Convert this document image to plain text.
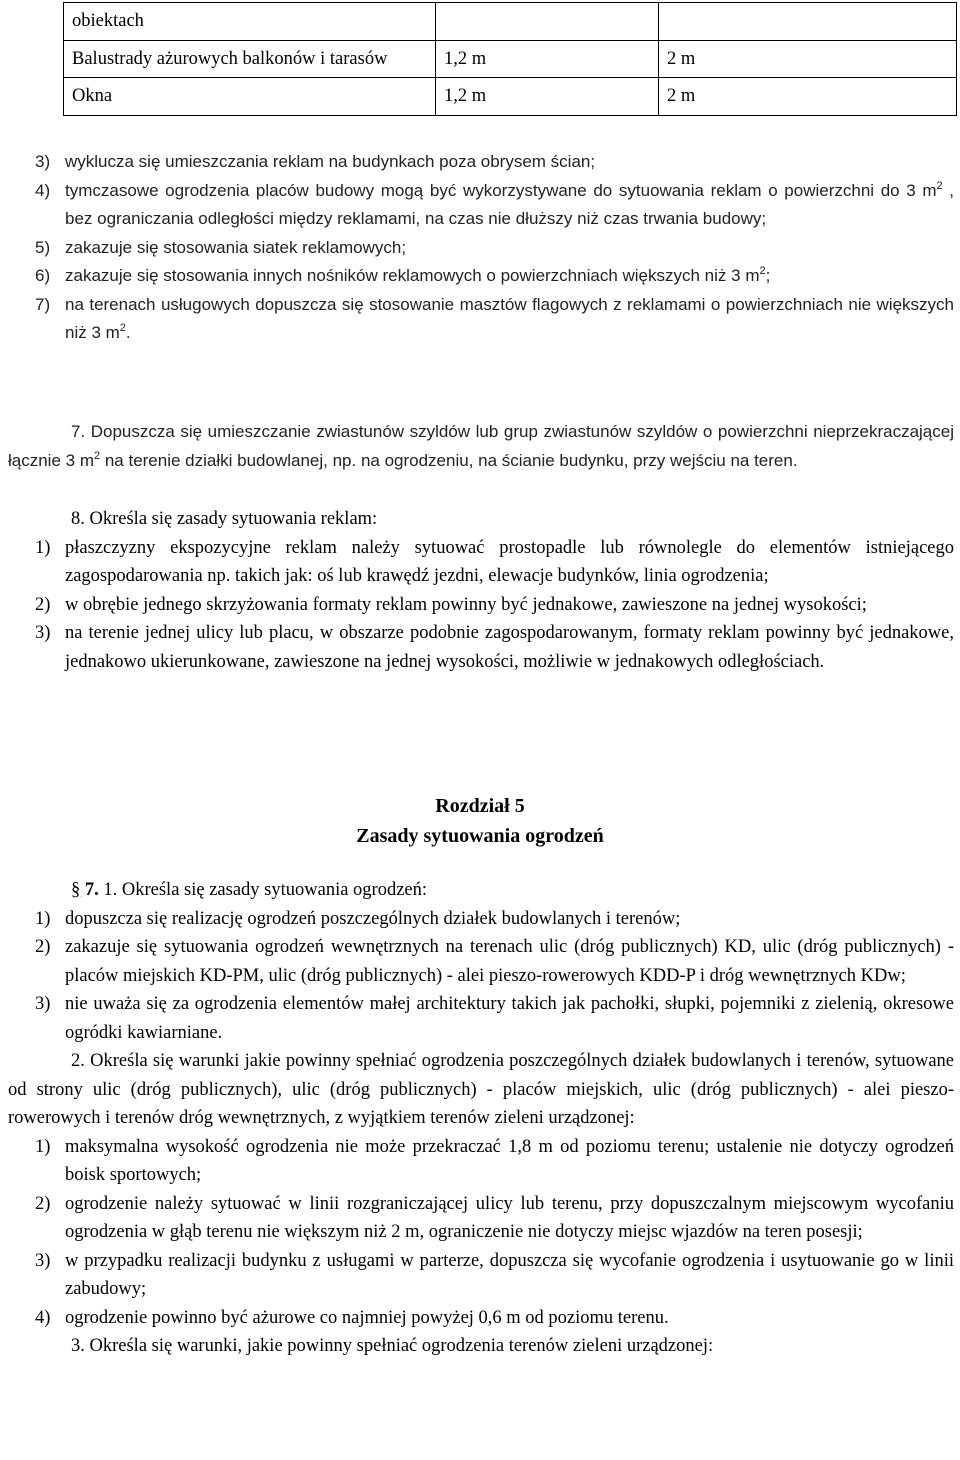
obiektach		
Balustrady ażurowych balkonów i tarasów	1,2 m	2 m
Okna	1,2 m	2 m
3) wyklucza się umieszczania reklam na budynkach poza obrysem ścian;
4) tymczasowe ogrodzenia placów budowy mogą być wykorzystywane do sytuowania reklam o powierzchni do 3 $m^2$ , bez ograniczania odległości między reklamami, na czas nie dłuższy niż czas trwania budowy;
5) zakazuje się stosowania siatek reklamowych;
6) zakazuje się stosowania innych nośników reklamowych o powierzchniach większych niż 3 $m^2$;
7) na terenach usługowych dopuszcza się stosowanie masztów flagowych z reklamami o powierzchniach nie większych niż 3 $m^2$.
7. Dopuszcza się umieszczanie zwiastunów szyldów lub grup zwiastunów szyldów o powierzchni nieprzekraczającej łącznie 3 $m^2$ na terenie działki budowlanej, np. na ogrodzeniu, na ścianie budynku, przy wejściu na teren.
8. Określa się zasady sytuowania reklam:
1) płaszczyzny ekspozycyjne reklam należy sytuować prostopadle lub równolegle do elementów istniejącego zagospodarowania np. takich jak: oś lub krawędź jezdni, elewacje budynków, linia ogrodzenia;
2) w obrębie jednego skrzyżowania formaty reklam powinny być jednakowe, zawieszone na jednej wysokości;
3) na terenie jednej ulicy lub placu, w obszarze podobnie zagospodarowanym, formaty reklam powinny być jednakowe, jednakowo ukierunkowane, zawieszone na jednej wysokości, możliwie w jednakowych odległościach.
Rozdział 5
Zasady sytuowania ogrodzeń
§ 7. 1. Określa się zasady sytuowania ogrodzeń:
1) dopuszcza się realizację ogrodzeń poszczególnych działek budowlanych i terenów;
2) zakazuje się sytuowania ogrodzeń wewnętrznych na terenach ulic (dróg publicznych) KD, ulic (dróg publicznych) - placów miejskich KD-PM, ulic (dróg publicznych) - alei pieszo-rowerowych KDD-P i dróg wewnętrznych KDw;
3) nie uważa się za ogrodzenia elementów małej architektury takich jak pachołki, słupki, pojemniki z zielenią, okresowe ogródki kawiarniane.
2. Określa się warunki jakie powinny spełniać ogrodzenia poszczególnych działek budowlanych i terenów, sytuowane od strony ulic (dróg publicznych), ulic (dróg publicznych) - placów miejskich, ulic (dróg publicznych) - alei pieszo-rowerowych i terenów dróg wewnętrznych, z wyjątkiem terenów zieleni urządzonej:
1) maksymalna wysokość ogrodzenia nie może przekraczać 1,8 m od poziomu terenu; ustalenie nie dotyczy ogrodzeń boisk sportowych;
2) ogrodzenie należy sytuować w linii rozgraniczającej ulicy lub terenu, przy dopuszczalnym miejscowym wycofaniu ogrodzenia w głąb terenu nie większym niż 2 m, ograniczenie nie dotyczy miejsc wjazdów na teren posesji;
3) w przypadku realizacji budynku z usługami w parterze, dopuszcza się wycofanie ogrodzenia i usytuowanie go w linii zabudowy;
4) ogrodzenie powinno być ażurowe co najmniej powyżej 0,6 m od poziomu terenu.
3. Określa się warunki, jakie powinny spełniać ogrodzenia terenów zieleni urządzonej:
